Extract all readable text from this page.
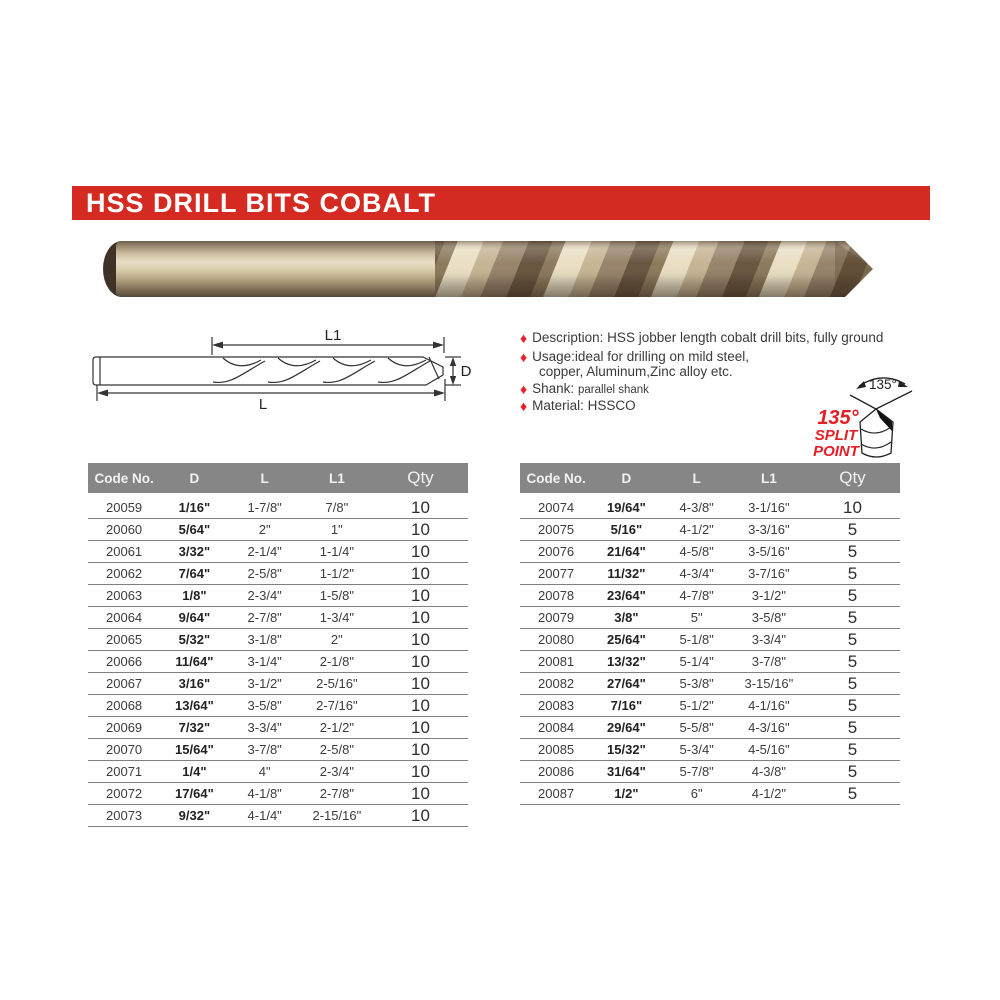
HSS DRILL BITS COBALT
L1
L
D
♦ Description: HSS jobber length cobalt drill bits, fully ground
♦ Usage:ideal for drilling on mild steel,
copper, Aluminum,Zinc alloy etc.
♦ Shank: parallel shank
♦ Material: HSSCO
135°
135°
SPLIT
POINT
Code No.	D	L	L1	Qty
20059	1/16"	1-7/8"	7/8"	10
20060	5/64"	2"	1"	10
20061	3/32"	2-1/4"	1-1/4"	10
20062	7/64"	2-5/8"	1-1/2"	10
20063	1/8"	2-3/4"	1-5/8"	10
20064	9/64"	2-7/8"	1-3/4"	10
20065	5/32"	3-1/8"	2"	10
20066	11/64"	3-1/4"	2-1/8"	10
20067	3/16"	3-1/2"	2-5/16"	10
20068	13/64"	3-5/8"	2-7/16"	10
20069	7/32"	3-3/4"	2-1/2"	10
20070	15/64"	3-7/8"	2-5/8"	10
20071	1/4"	4"	2-3/4"	10
20072	17/64"	4-1/8"	2-7/8"	10
20073	9/32"	4-1/4"	2-15/16"	10
Code No.	D	L	L1	Qty
20074	19/64"	4-3/8"	3-1/16"	10
20075	5/16"	4-1/2"	3-3/16"	5
20076	21/64"	4-5/8"	3-5/16"	5
20077	11/32"	4-3/4"	3-7/16"	5
20078	23/64"	4-7/8"	3-1/2"	5
20079	3/8"	5"	3-5/8"	5
20080	25/64"	5-1/8"	3-3/4"	5
20081	13/32"	5-1/4"	3-7/8"	5
20082	27/64"	5-3/8"	3-15/16"	5
20083	7/16"	5-1/2"	4-1/16"	5
20084	29/64"	5-5/8"	4-3/16"	5
20085	15/32"	5-3/4"	4-5/16"	5
20086	31/64"	5-7/8"	4-3/8"	5
20087	1/2"	6"	4-1/2"	5
